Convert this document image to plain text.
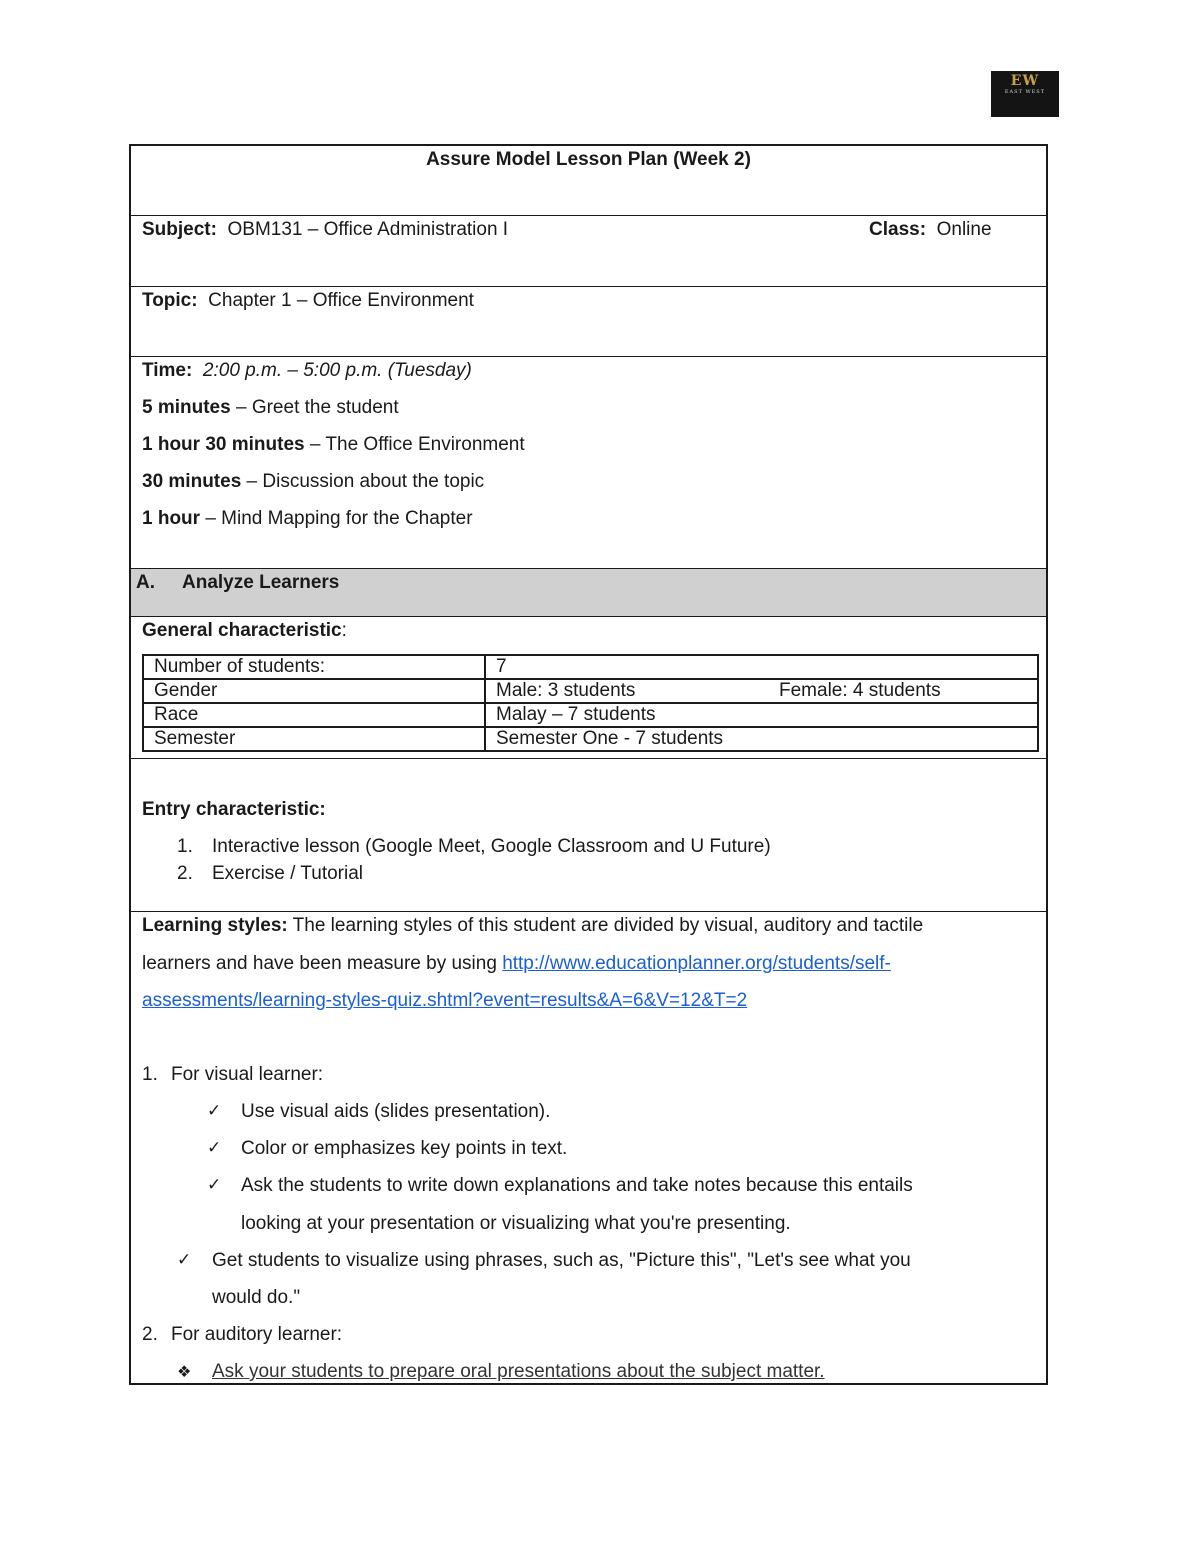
EW
EAST WEST
Assure Model Lesson Plan (Week 2)
Subject: OBM131 – Office Administration I	Class: Online
Topic: Chapter 1 – Office Environment
Time: 2:00 p.m. – 5:00 p.m. (Tuesday)
5 minutes – Greet the student
1 hour 30 minutes – The Office Environment
30 minutes – Discussion about the topic
1 hour – Mind Mapping for the Chapter
A. Analyze Learners
General characteristic:
Number of students:	7
Gender	Male: 3 students Female: 4 students
Race	Malay – 7 students
Semester	Semester One - 7 students
Entry characteristic:
1. Interactive lesson (Google Meet, Google Classroom and U Future)
2. Exercise / Tutorial
Learning styles: The learning styles of this student are divided by visual, auditory and tactile
learners and have been measure by using http://www.educationplanner.org/students/self-
assessments/learning-styles-quiz.shtml?event=results&A=6&V=12&T=2
1. For visual learner:
✓ Use visual aids (slides presentation).
✓ Color or emphasizes key points in text.
✓ Ask the students to write down explanations and take notes because this entails
looking at your presentation or visualizing what you're presenting.
✓ Get students to visualize using phrases, such as, "Picture this", "Let's see what you
would do."
2. For auditory learner:
❖ Ask your students to prepare oral presentations about the subject matter.
